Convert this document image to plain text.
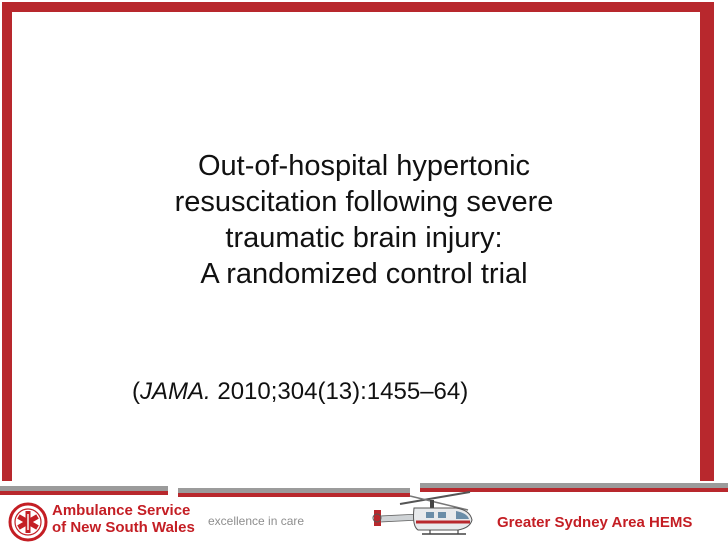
Out-of-hospital hypertonic
resuscitation following severe
traumatic brain injury:
A randomized control trial
(JAMA. 2010;304(13):1455–64)
Ambulance Service
of New South Wales excellence in care	Greater Sydney Area HEMS
